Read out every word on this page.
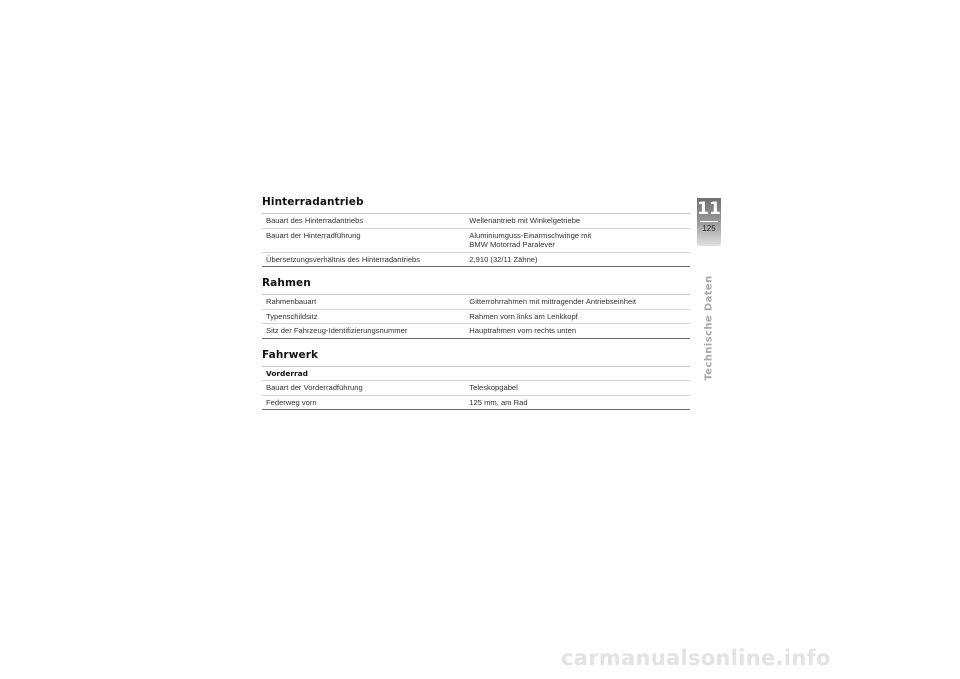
Hinterradantrieb
Bauart des Hinterradantriebs	Wellenantrieb mit Winkelgetriebe
Bauart der Hinterradführung	Aluminiumguss-Einarmschwinge mit
BMW Motorrad Paralever

Übersetzungsverhältnis des Hinterradantriebs	2,910 (32/11 Zähne)
Rahmen
Rahmenbauart	Gitterrohrrahmen mit mittragender Antriebseinheit
Typenschildsitz	Rahmen vorn links am Lenkkopf
Sitz der Fahrzeug-Identifizierungsnummer	Hauptrahmen vorn rechts unten
Fahrwerk
Vorderrad	
Bauart der Vorderradführung	Teleskopgabel
Federweg vorn	125 mm, am Rad
11
125
Technische Daten
carmanualsonline.info
